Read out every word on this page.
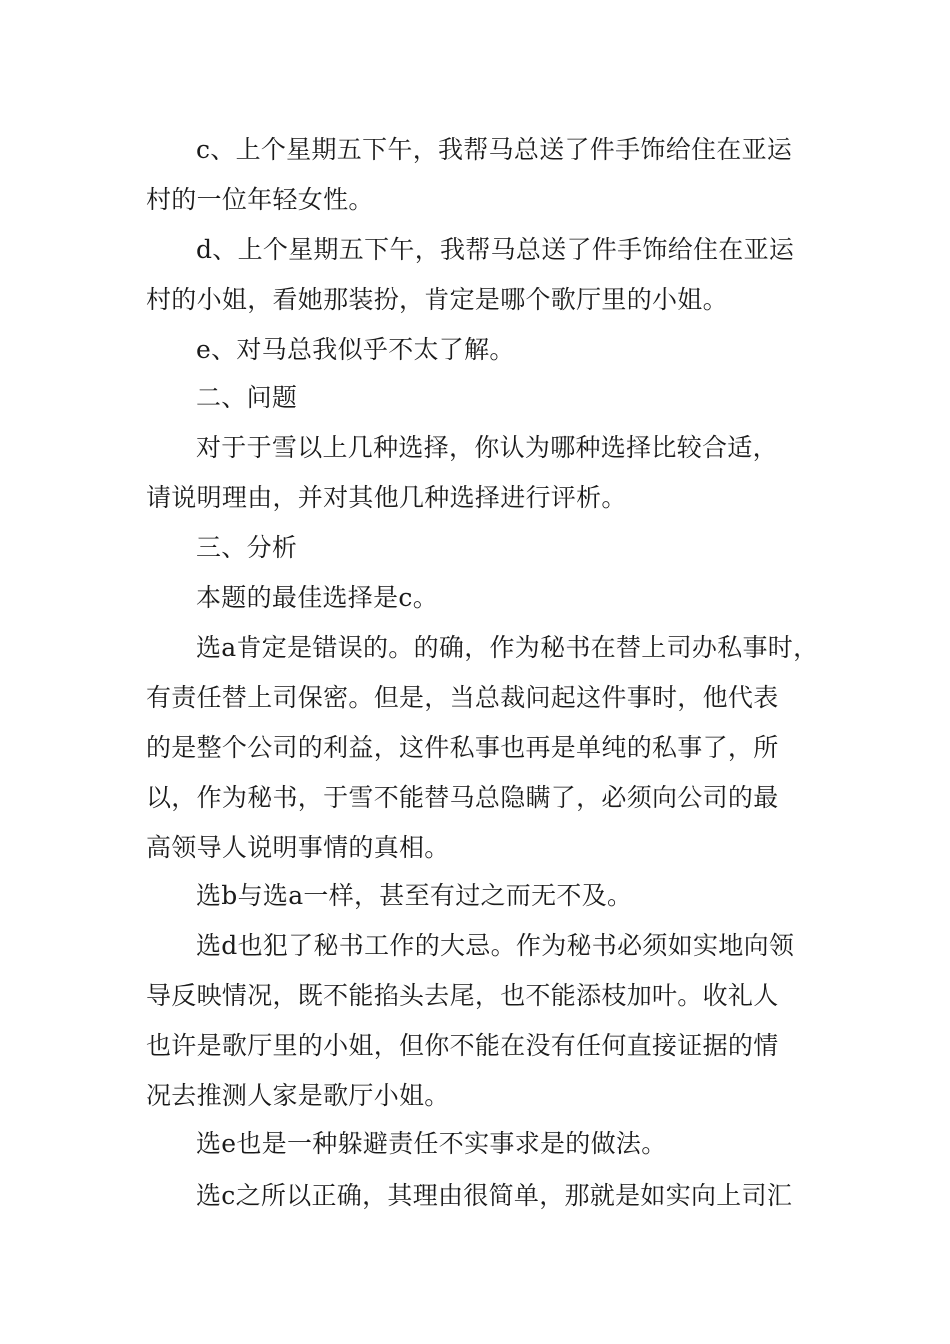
c、上个星期五下午，我帮马总送了件手饰给住在亚运
村的一位年轻女性。
d、上个星期五下午，我帮马总送了件手饰给住在亚运
村的小姐，看她那装扮，肯定是哪个歌厅里的小姐。
e、对马总我似乎不太了解。
二、问题
对于于雪以上几种选择，你认为哪种选择比较合适，
请说明理由，并对其他几种选择进行评析。
三、分析
本题的最佳选择是c。
选a肯定是错误的。的确，作为秘书在替上司办私事时，
有责任替上司保密。但是，当总裁问起这件事时，他代表
的是整个公司的利益，这件私事也再是单纯的私事了，所
以，作为秘书，于雪不能替马总隐瞒了，必须向公司的最
高领导人说明事情的真相。
选b与选a一样，甚至有过之而无不及。
选d也犯了秘书工作的大忌。作为秘书必须如实地向领
导反映情况，既不能掐头去尾，也不能添枝加叶。收礼人
也许是歌厅里的小姐，但你不能在没有任何直接证据的情
况去推测人家是歌厅小姐。
选e也是一种躲避责任不实事求是的做法。
选c之所以正确，其理由很简单，那就是如实向上司汇
